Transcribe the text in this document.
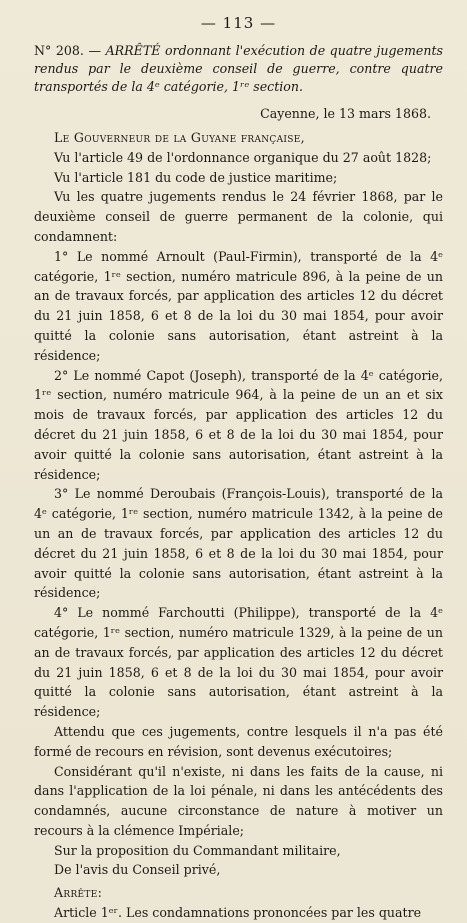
— 113 —
N° 208. — ARRÊTÉ ordonnant l'exécution de quatre jugements rendus par le deuxième conseil de guerre, contre quatre transportés de la 4ᵉ catégorie, 1ʳᵉ section.
Cayenne, le 13 mars 1868.

Le Gouverneur de la Guyane française,

Vu l'article 49 de l'ordonnance organique du 27 août 1828;

Vu l'article 181 du code de justice maritime;

Vu les quatre jugements rendus le 24 février 1868, par le deuxième conseil de guerre permanent de la colonie, qui condamnent:

1° Le nommé Arnoult (Paul-Firmin), transporté de la 4ᵉ catégorie, 1ʳᵉ section, numéro matricule 896, à la peine de un an de travaux forcés, par application des articles 12 du décret du 21 juin 1858, 6 et 8 de la loi du 30 mai 1854, pour avoir quitté la colonie sans autorisation, étant astreint à la résidence;

2° Le nommé Capot (Joseph), transporté de la 4ᵉ catégorie, 1ʳᵉ section, numéro matricule 964, à la peine de un an et six mois de travaux forcés, par application des articles 12 du décret du 21 juin 1858, 6 et 8 de la loi du 30 mai 1854, pour avoir quitté la colonie sans autorisation, étant astreint à la résidence;

3° Le nommé Deroubais (François-Louis), transporté de la 4ᵉ catégorie, 1ʳᵉ section, numéro matricule 1342, à la peine de un an de travaux forcés, par application des articles 12 du décret du 21 juin 1858, 6 et 8 de la loi du 30 mai 1854, pour avoir quitté la colonie sans autorisation, étant astreint à la résidence;

4° Le nommé Farchoutti (Philippe), transporté de la 4ᵉ catégorie, 1ʳᵉ section, numéro matricule 1329, à la peine de un an de travaux forcés, par application des articles 12 du décret du 21 juin 1858, 6 et 8 de la loi du 30 mai 1854, pour avoir quitté la colonie sans autorisation, étant astreint à la résidence;

Attendu que ces jugements, contre lesquels il n'a pas été formé de recours en révision, sont devenus exécutoires;

Considérant qu'il n'existe, ni dans les faits de la cause, ni dans l'application de la loi pénale, ni dans les antécédents des condamnés, aucune circonstance de nature à motiver un recours à la clémence Impériale;

Sur la proposition du Commandant militaire,

De l'avis du Conseil privé,

Arrête:

Article 1ᵉʳ. Les condamnations prononcées par les quatre
